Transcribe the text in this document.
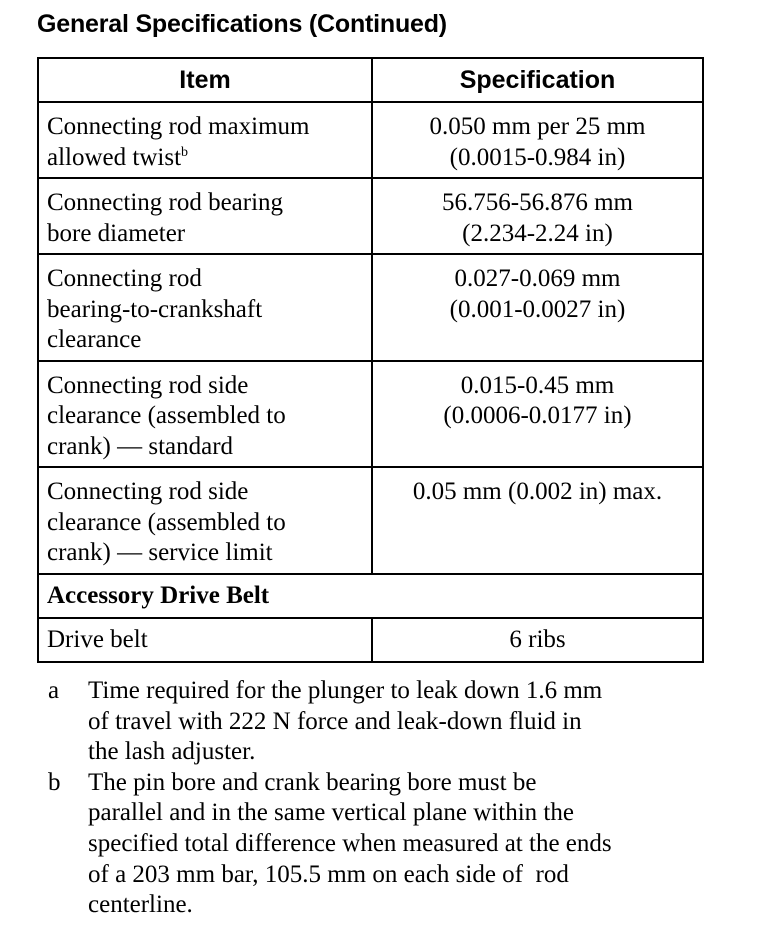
General Specifications (Continued)
Item	Specification

Connecting rod maximum
allowed twist$^b$	0.050 mm per 25 mm
(0.0015-0.984 in)

Connecting rod bearing
bore diameter	56.756-56.876 mm
(2.234-2.24 in)

Connecting rod
bearing-to-crankshaft
clearance	0.027-0.069 mm
(0.001-0.0027 in)

Connecting rod side
clearance (assembled to
crank) — standard	0.015-0.45 mm
(0.0006-0.0177 in)

Connecting rod side
clearance (assembled to
crank) — service limit	0.05 mm (0.002 in) max.

Accessory Drive Belt	
Drive belt	6 ribs
a	Time required for the plunger to leak down 1.6 mm
of travel with 222 N force and leak-down fluid in
the lash adjuster.
b	The pin bore and crank bearing bore must be
parallel and in the same vertical plane within the
specified total difference when measured at the ends
of a 203 mm bar, 105.5 mm on each side of  rod
centerline.
